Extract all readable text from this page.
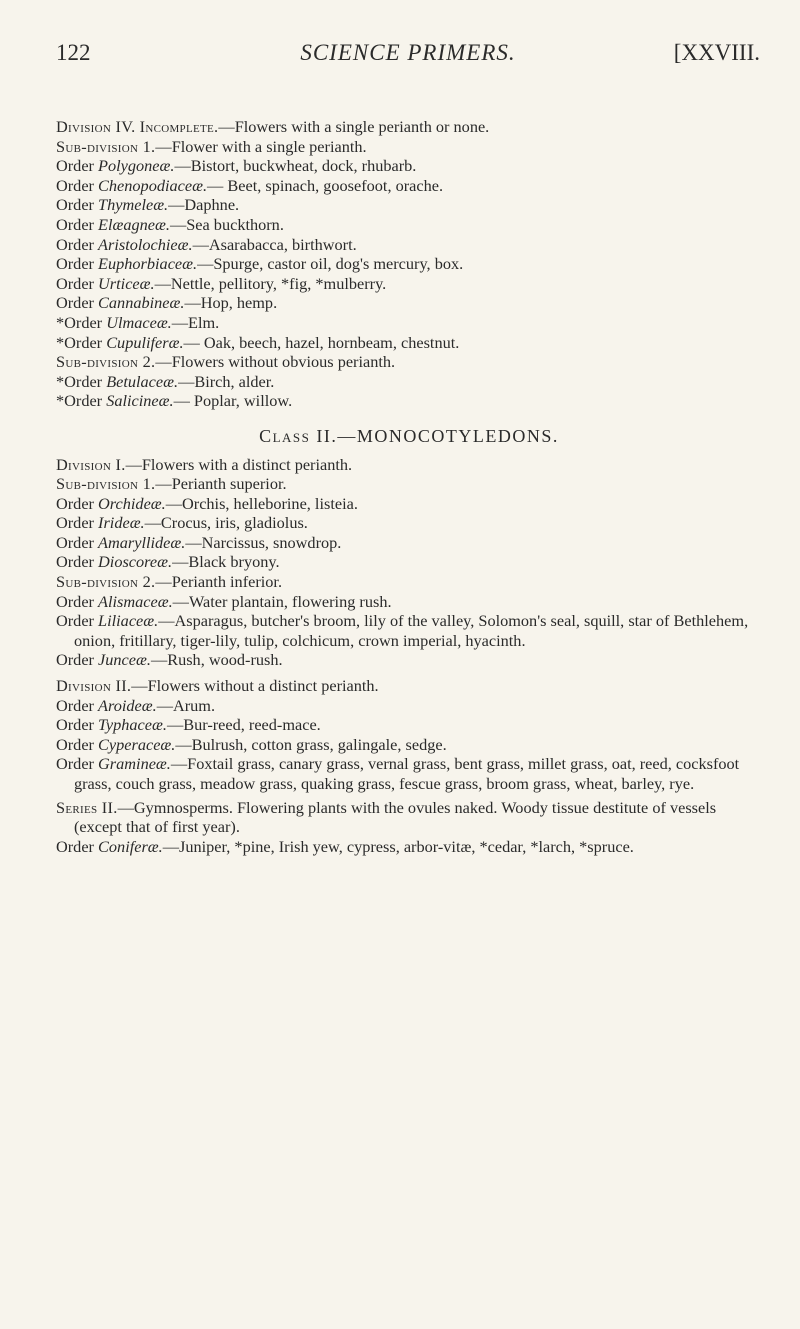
122	SCIENCE PRIMERS.	[XXVIII.
Division IV. Incomplete.—Flowers with a single perianth or none.
Sub-division 1.—Flower with a single perianth.
Order Polygoneæ.—Bistort, buckwheat, dock, rhubarb.
Order Chenopodiaceæ.— Beet, spinach, goosefoot, orache.
Order Thymeleæ.—Daphne.
Order Elæagneæ.—Sea buckthorn.
Order Aristolochieæ.—Asarabacca, birthwort.
Order Euphorbiaceæ.—Spurge, castor oil, dog's mercury, box.
Order Urticeæ.—Nettle, pellitory, *fig, *mulberry.
Order Cannabineæ.—Hop, hemp.
*Order Ulmaceæ.—Elm.
*Order Cupuliferæ.— Oak, beech, hazel, hornbeam, chestnut.
Sub-division 2.—Flowers without obvious perianth.
*Order Betulaceæ.—Birch, alder.
*Order Salicineæ.— Poplar, willow.
Class II.—MONOCOTYLEDONS.
Division I.—Flowers with a distinct perianth.
Sub-division 1.—Perianth superior.
Order Orchideæ.—Orchis, helleborine, listeia.
Order Irideæ.—Crocus, iris, gladiolus.
Order Amaryllideæ.—Narcissus, snowdrop.
Order Dioscoreæ.—Black bryony.
Sub-division 2.—Perianth inferior.
Order Alismaceæ.—Water plantain, flowering rush.
Order Liliaceæ.—Asparagus, butcher's broom, lily of the valley, Solomon's seal, squill, star of Bethlehem, onion, fritillary, tiger-lily, tulip, colchicum, crown imperial, hyacinth.
Order Junceæ.—Rush, wood-rush.
Division II.—Flowers without a distinct perianth.
Order Aroideæ.—Arum.
Order Typhaceæ.—Bur-reed, reed-mace.
Order Cyperaceæ.—Bulrush, cotton grass, galingale, sedge.
Order Gramineæ.—Foxtail grass, canary grass, vernal grass, bent grass, millet grass, oat, reed, cocksfoot grass, couch grass, meadow grass, quaking grass, fescue grass, broom grass, wheat, barley, rye.
Series II.—Gymnosperms. Flowering plants with the ovules naked. Woody tissue destitute of vessels (except that of first year).
Order Coniferæ.—Juniper, *pine, Irish yew, cypress, arbor-vitæ, *cedar, *larch, *spruce.
